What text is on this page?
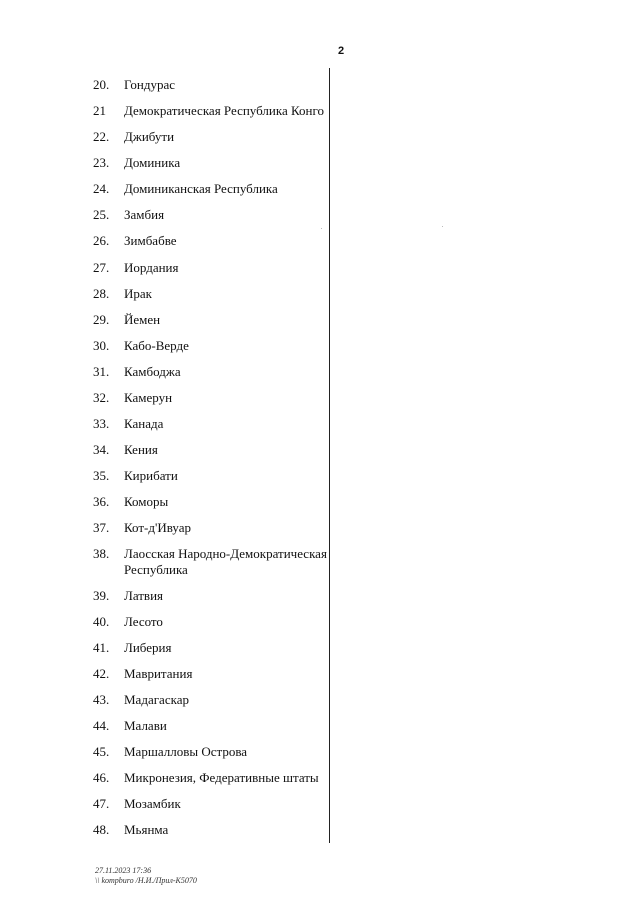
2
20. Гондурас
21 Демократическая Республика Конго
22. Джибути
23. Доминика
24. Доминиканская Республика
25. Замбия
26. Зимбабве
27. Иордания
28. Ирак
29. Йемен
30. Кабо-Верде
31. Камбоджа
32. Камерун
33. Канада
34. Кения
35. Кирибати
36. Коморы
37. Кот-д'Ивуар
38. Лаосская Народно-Демократическая Республика
39. Латвия
40. Лесото
41. Либерия
42. Мавритания
43. Мадагаскар
44. Малави
45. Маршалловы Острова
46. Микронезия, Федеративные штаты
47. Мозамбик
48. Мьянма
27.11.2023 17:36
\\ kompburo /Н.И./Прил-К5070
